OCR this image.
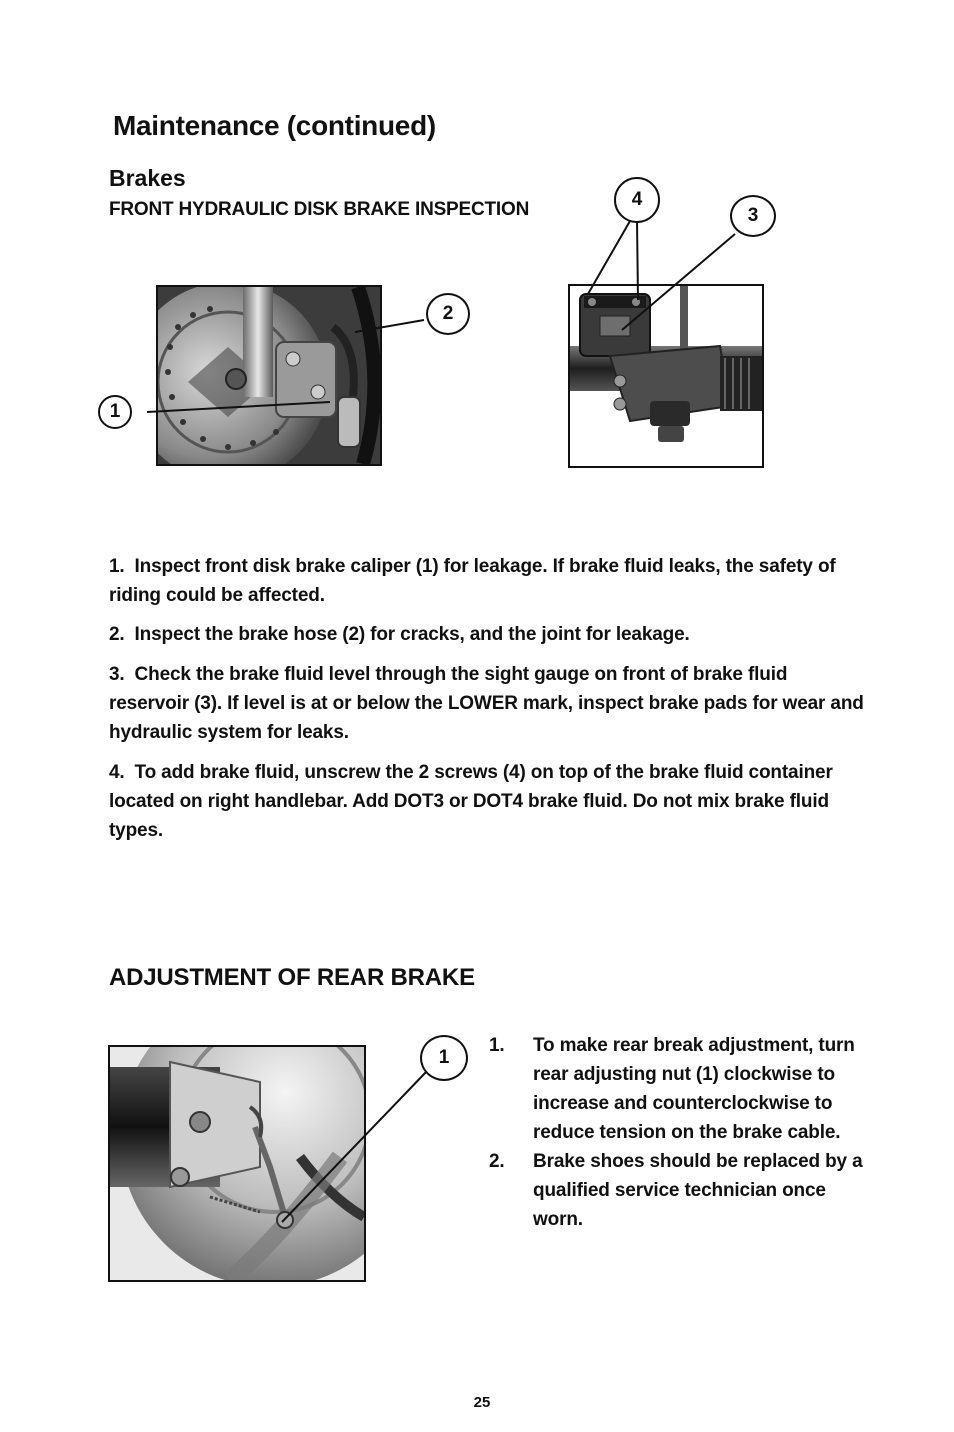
Maintenance (continued)
Brakes
FRONT HYDRAULIC DISK BRAKE INSPECTION
1
2
4
3
1
1. Inspect front disk brake caliper (1) for leakage. If brake fluid leaks, the safety of riding could be affected.
2. Inspect the brake hose (2) for cracks, and the joint for leakage.
3. Check the brake fluid level through the sight gauge on front of brake fluid reservoir (3). If level is at or below the LOWER mark, inspect brake pads for wear and hydraulic system for leaks.
4. To add brake fluid, unscrew the 2 screws (4) on top of the brake fluid container located on right handlebar. Add DOT3 or DOT4 brake fluid. Do not mix brake fluid types.
ADJUSTMENT OF REAR BRAKE
1.	To make rear break adjustment, turn rear adjusting nut (1) clockwise to increase and counterclockwise to reduce tension on the brake cable.
2.	Brake shoes should be replaced by a qualified service technician once worn.
25
